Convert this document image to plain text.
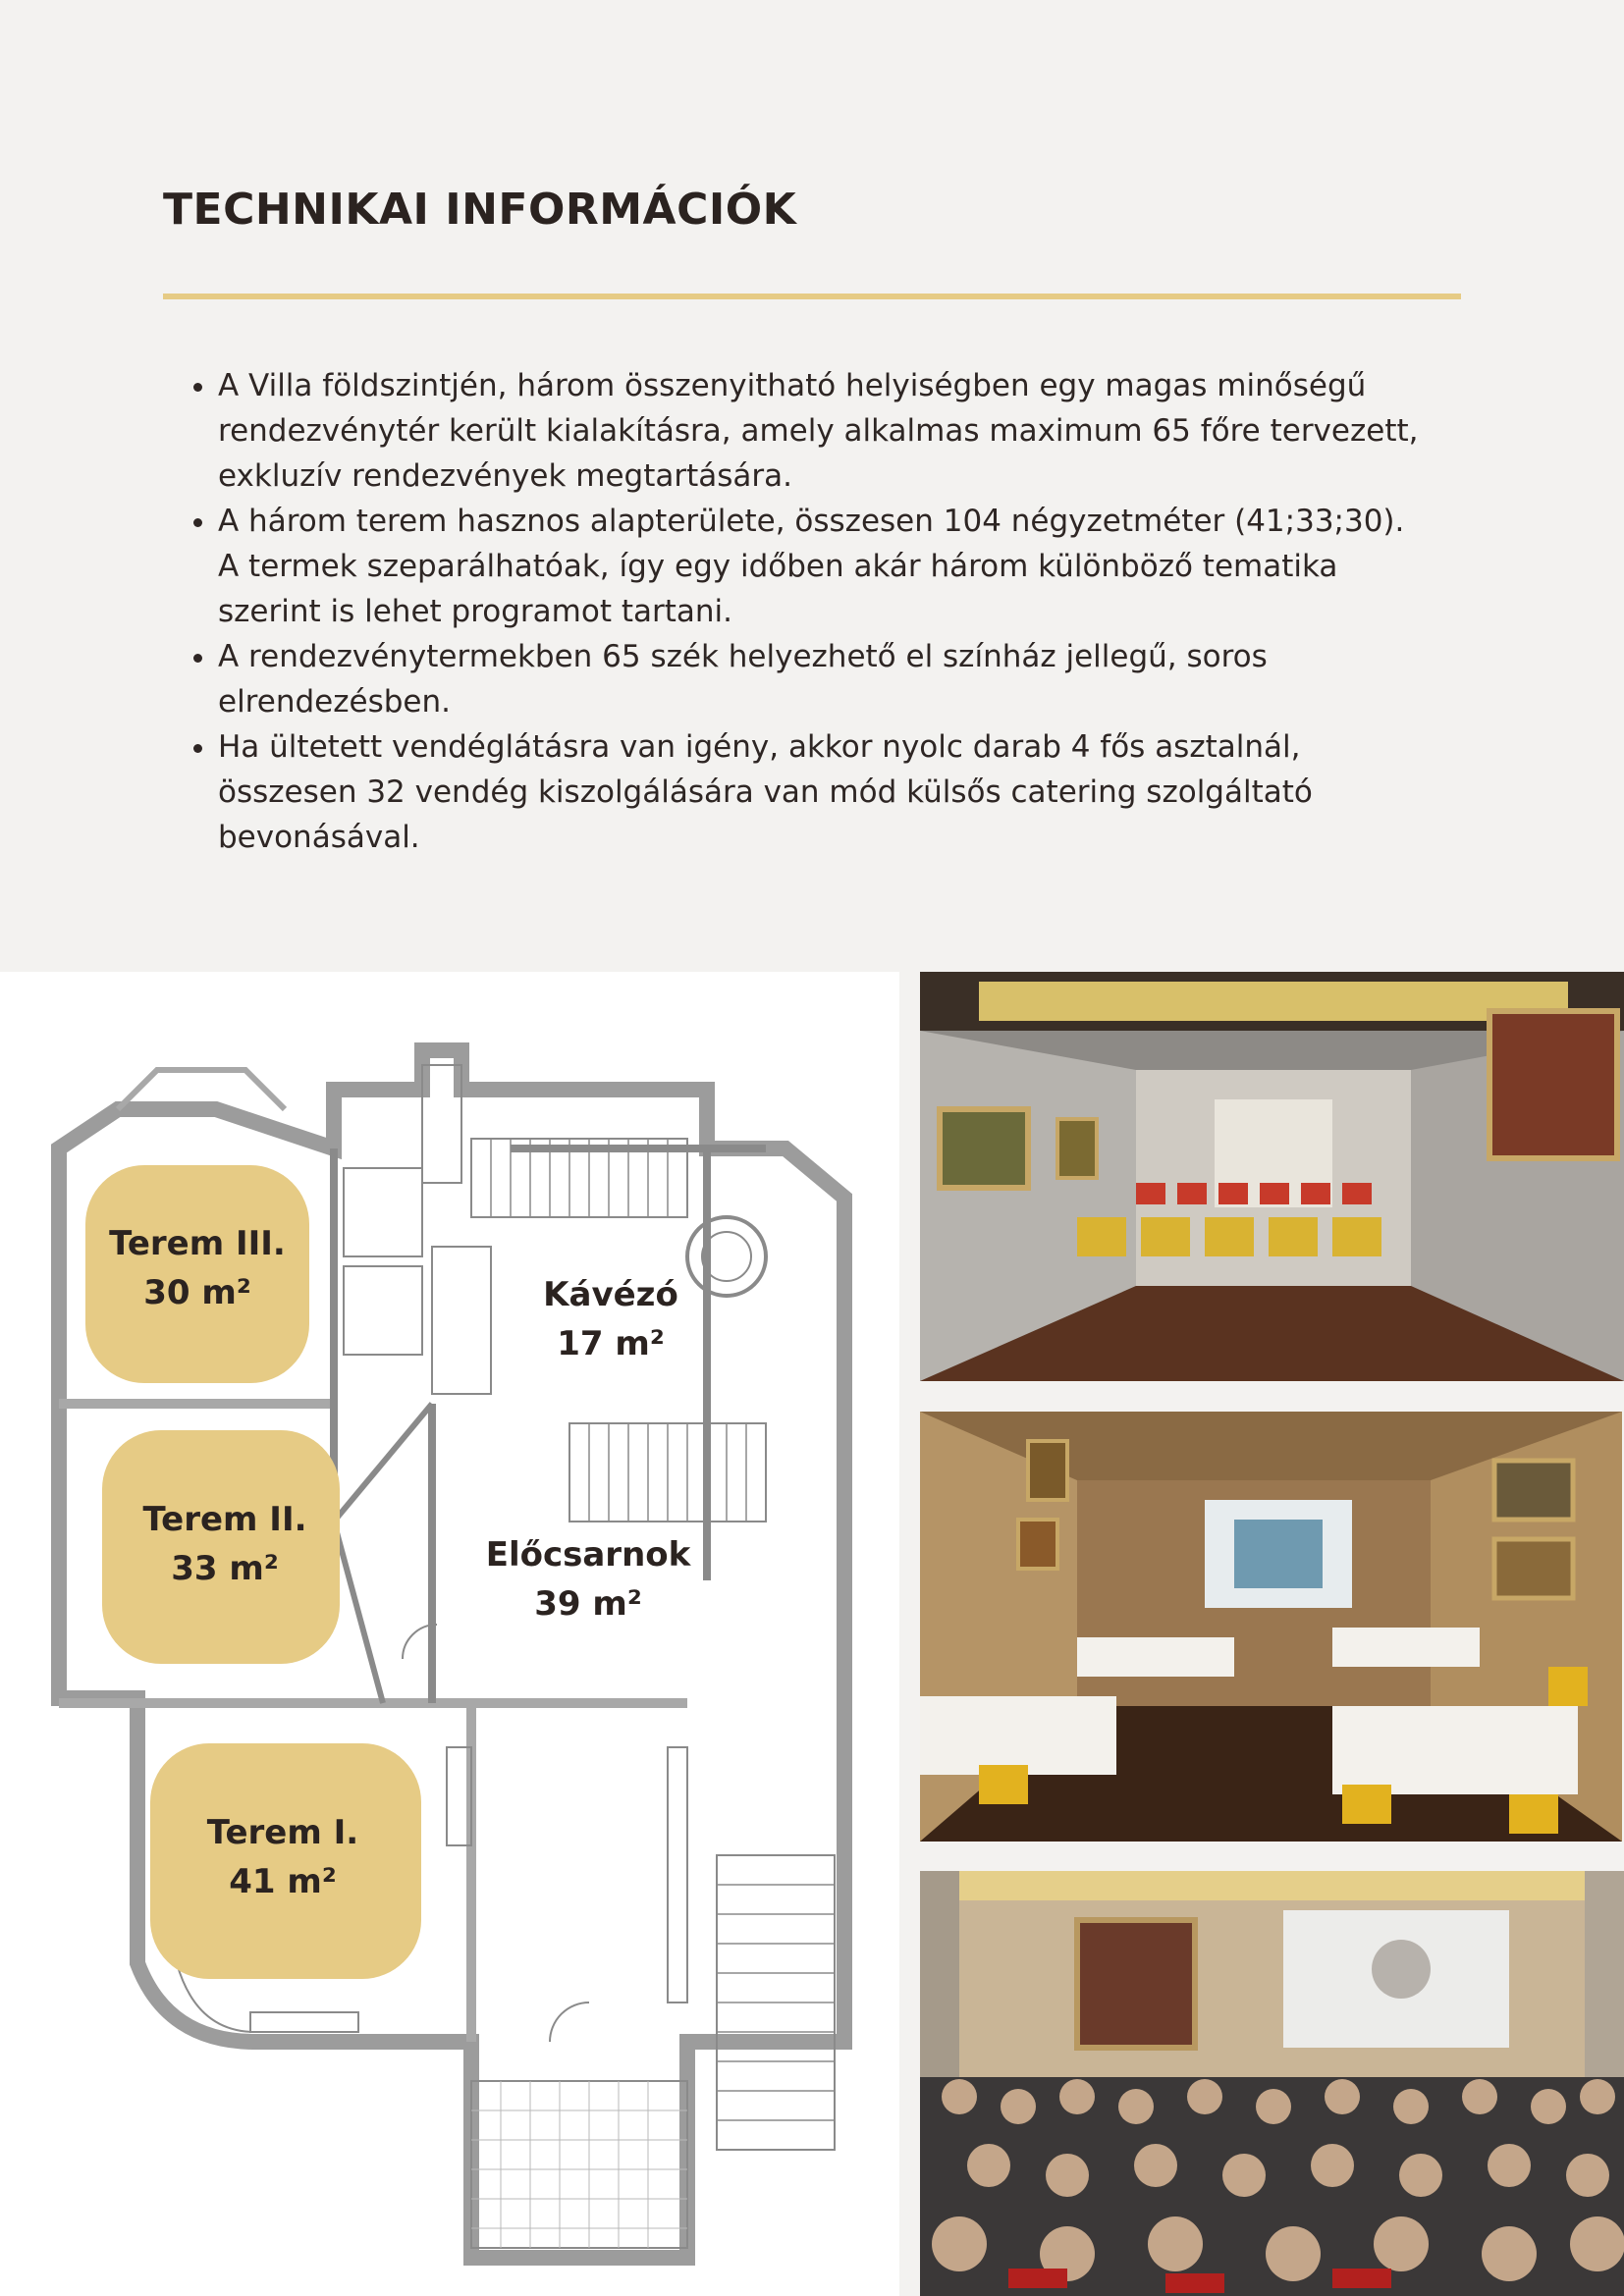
TECHNIKAI INFORMÁCIÓK
• A Villa földszintjén, három összenyitható helyiségben egy magas minőségű rendezvénytér került kialakításra, amely alkalmas maximum 65 főre tervezett, exkluzív rendezvények megtartására.
• A három terem hasznos alapterülete, összesen 104 négyzetméter (41;33;30). A termek szeparálhatóak, így egy időben akár három különböző tematika szerint is lehet programot tartani.
• A rendezvénytermekben 65 szék helyezhető el színház jellegű, soros elrendezésben.
• Ha ültetett vendéglátásra van igény, akkor nyolc darab 4 fős asztalnál, összesen 32 vendég kiszolgálására van mód külsős catering szolgáltató bevonásával.
Terem III.
30 m²	Kávézó
17 m²
Terem II.
33 m²	Előcsarnok
39 m²
Terem I.
41 m²
